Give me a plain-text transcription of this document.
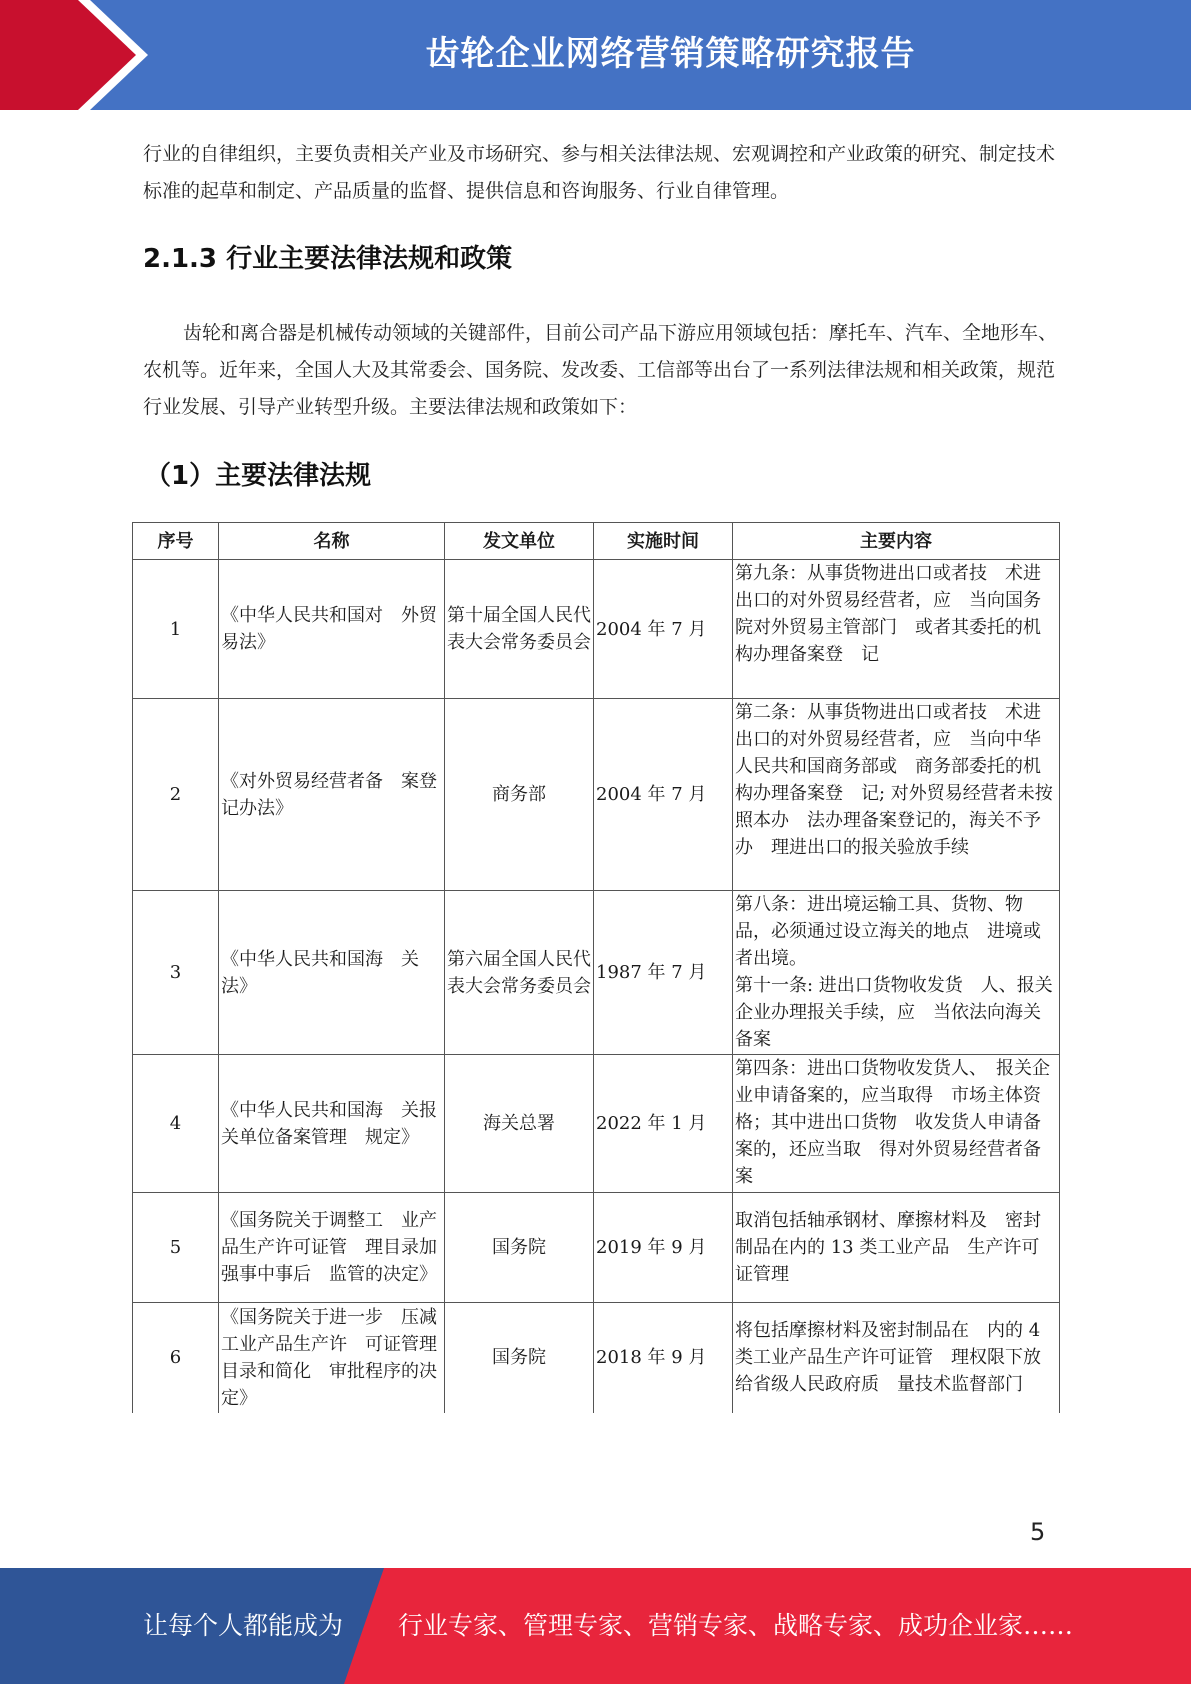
齿轮企业网络营销策略研究报告

行业的自律组织，主要负责相关产业及市场研究、参与相关法律法规、宏观调控和产业政策的研究、制定技术标准的起草和制定、产品质量的监督、提供信息和咨询服务、行业自律管理。

2.1.3 行业主要法律法规和政策

齿轮和离合器是机械传动领域的关键部件，目前公司产品下游应用领域包括：摩托车、汽车、全地形车、农机等。近年来，全国人大及其常委会、国务院、发改委、工信部等出台了一系列法律法规和相关政策，规范行业发展、引导产业转型升级。主要法律法规和政策如下：

（1）主要法律法规
序号	名称	发文单位	实施时间	主要内容
1	《中华人民共和国对　外贸易法》	第十届全国人民代表大会常务委员会	2004 年 7 月	第九条：从事货物进出口或者技　术进出口的对外贸易经营者，应　当向国务院对外贸易主管部门　或者其委托的机构办理备案登　记
2	《对外贸易经营者备　案登记办法》	商务部	2004 年 7 月	第二条：从事货物进出口或者技　术进出口的对外贸易经营者，应　当向中华人民共和国商务部或　商务部委托的机构办理备案登　记; 对外贸易经营者未按照本办　法办理备案登记的，海关不予办　理进出口的报关验放手续
3	《中华人民共和国海　关法》	第六届全国人民代表大会常务委员会	1987 年 7 月	第八条：进出境运输工具、货物、物品，必须通过设立海关的地点　进境或者出境。
第十一条: 进出口货物收发货　人、报关企业办理报关手续，应　当依法向海关备案
4	《中华人民共和国海　关报关单位备案管理　规定》	海关总署	2022 年 1 月	第四条：进出口货物收发货人、　报关企业申请备案的，应当取得　市场主体资格；其中进出口货物　收发货人申请备案的，还应当取　得对外贸易经营者备案
5	《国务院关于调整工　业产品生产许可证管　理目录加强事中事后　监管的决定》	国务院	2019 年 9 月	取消包括轴承钢材、摩擦材料及　密封制品在内的 13 类工业产品　生产许可证管理
6	《国务院关于进一步　压减工业产品生产许　可证管理目录和简化　审批程序的决定》	国务院	2018 年 9 月	将包括摩擦材料及密封制品在　内的 4 类工业产品生产许可证管　理权限下放给省级人民政府质　量技术监督部门
5
让每个人都能成为 行业专家、管理专家、营销专家、战略专家、成功企业家……
